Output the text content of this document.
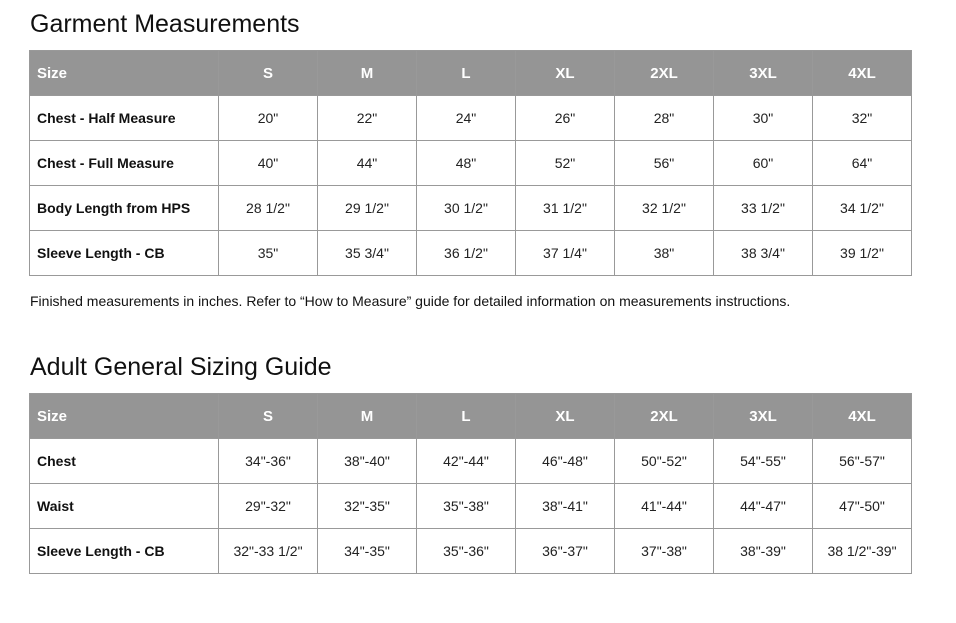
Garment Measurements
Size	S	M	L	XL	2XL	3XL	4XL
Chest - Half Measure	20"	22"	24"	26"	28"	30"	32"
Chest - Full Measure	40"	44"	48"	52"	56"	60"	64"
Body Length from HPS	28 1/2"	29 1/2"	30 1/2"	31 1/2"	32 1/2"	33 1/2"	34 1/2"
Sleeve Length - CB	35"	35 3/4"	36 1/2"	37 1/4"	38"	38 3/4"	39 1/2"

Finished measurements in inches. Refer to “How to Measure” guide for detailed information on measurements instructions.

Adult General Sizing Guide
Size	S	M	L	XL	2XL	3XL	4XL
Chest	34"-36"	38"-40"	42"-44"	46"-48"	50"-52"	54"-55"	56"-57"
Waist	29"-32"	32"-35"	35"-38"	38"-41"	41"-44"	44"-47"	47"-50"
Sleeve Length - CB	32"-33 1/2"	34"-35"	35"-36"	36"-37"	37"-38"	38"-39"	38 1/2"-39"
